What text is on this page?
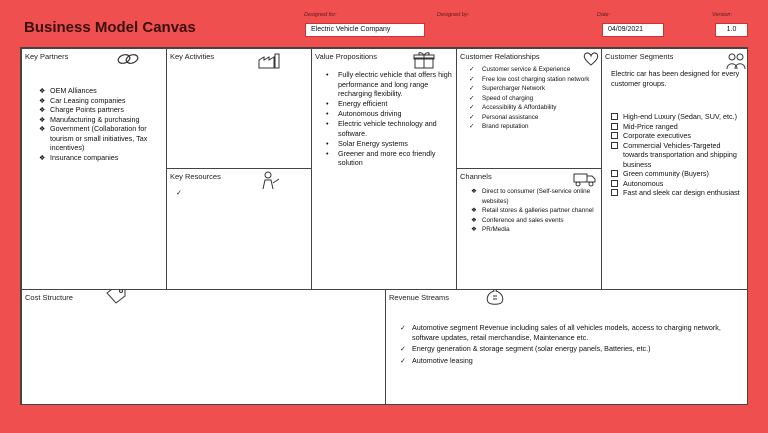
Business Model Canvas
Designed for:
Electric Vehicle Company
Designed by:	Date:
04/09/2021
Version:
1.0
Key Partners
❖ OEM Alliances
❖ Car Leasing companies
❖ Charge Points partners
❖ Manufacturing & purchasing
❖ Government (Collaboration for tourism or small initiatives, Tax incentives)
❖ Insurance companies
Key Activities
Key Resources
✓
Value Propositions
• Fully electric vehicle that offers high performance and long range recharging flexibility.
• Energy efficient
• Autonomous driving
• Electric vehicle technology and software.
• Solar Energy systems
• Greener and more eco friendly solution
Customer Relationships
✓ Customer service & Experience
✓ Free low cost charging station network
✓ Supercharger Network
✓ Speed of charging
✓ Accessibility & Affordability
✓ Personal assistance
✓ Brand reputation
Channels
❖ Direct to consumer (Self-service online websites)
❖ Retail stores & galleries partner channel
❖ Conference and sales events
❖ PR/Media
Customer Segments
Electric car has been designed for every customer groups.
High-end Luxury (Sedan, SUV, etc.)
Mid-Price ranged
Corporate executives
Commercial Vehicles-Targeted towards transportation and shipping business
Green community (Buyers)
Autonomous
Fast and sleek car design enthusiast
Cost Structure	Revenue Streams
✓ Automotive segment Revenue including sales of all vehicles models, access to charging network, software updates, retail merchandise, Maintenance etc.
✓ Energy generation & storage segment (solar energy panels, Batteries, etc.)
✓ Automotive leasing
